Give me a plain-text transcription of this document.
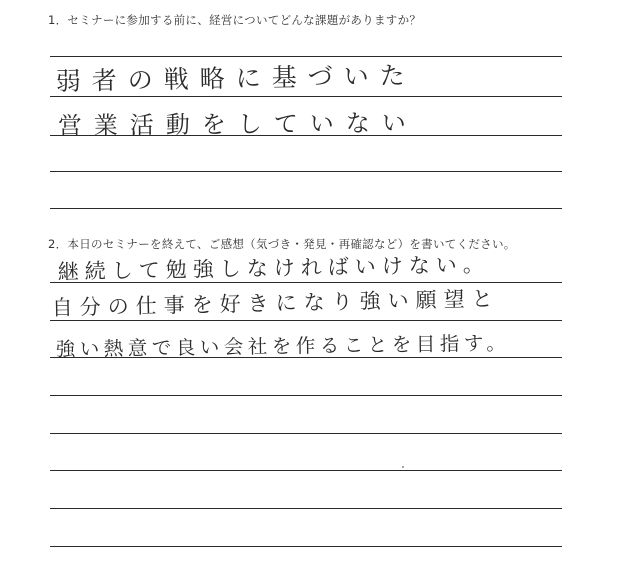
1．セミナーに参加する前に、経営についてどんな課題がありますか？
弱者の戦略に基づいた
営業活動をしていない
2．本日のセミナーを終えて、ご感想（気づき・発見・再確認など）を書いてください。
継続して勉強しなければいけない。
自分の仕事を好きになり強い願望と
強い熱意で良い会社を作ることを目指す。
